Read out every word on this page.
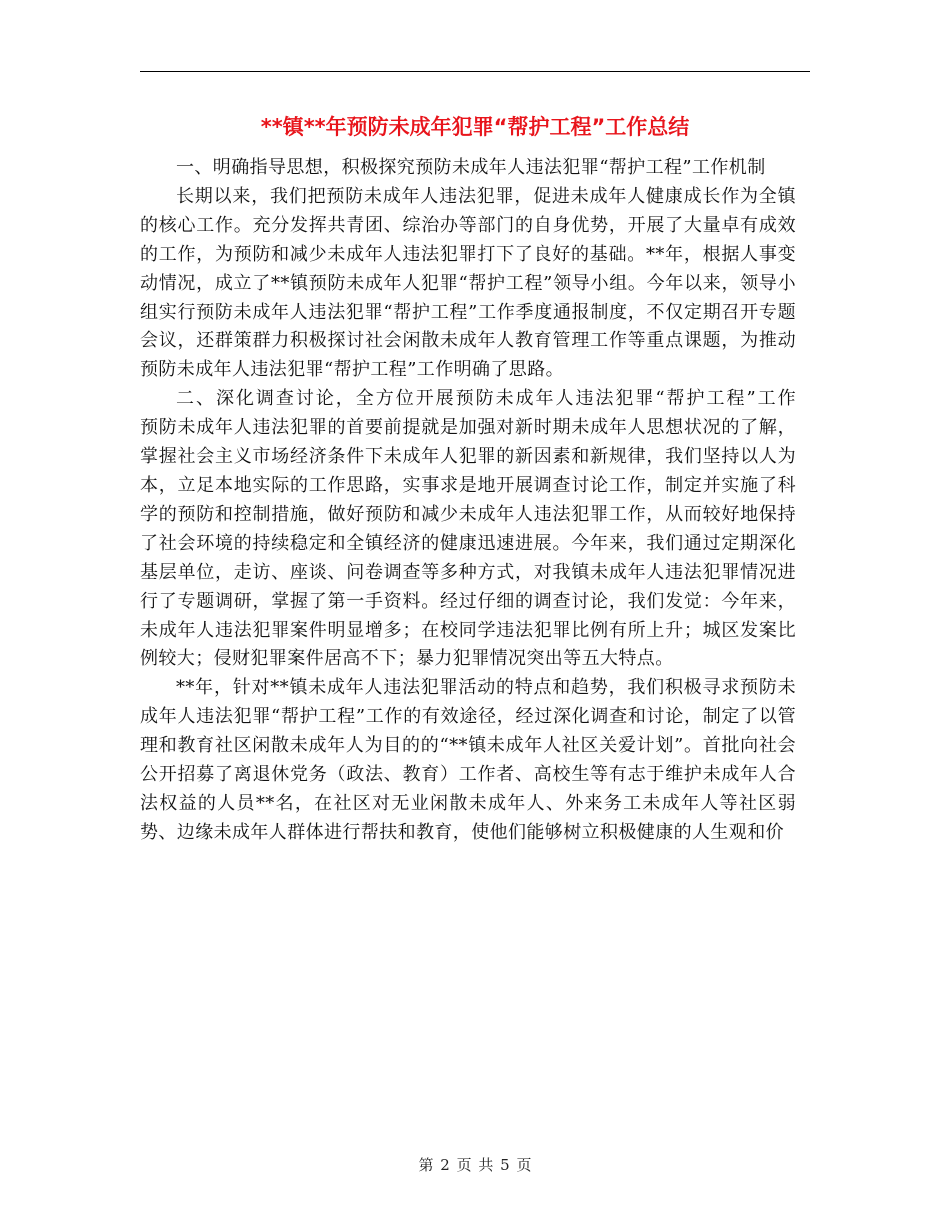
**镇**年预防未成年犯罪“帮护工程”工作总结

一、明确指导思想，积极探究预防未成年人违法犯罪“帮护工程”工作机制

长期以来，我们把预防未成年人违法犯罪，促进未成年人健康成长作为全镇的核心工作。充分发挥共青团、综治办等部门的自身优势，开展了大量卓有成效的工作，为预防和减少未成年人违法犯罪打下了良好的基础。**年，根据人事变动情况，成立了**镇预防未成年人犯罪“帮护工程”领导小组。今年以来，领导小组实行预防未成年人违法犯罪“帮护工程”工作季度通报制度，不仅定期召开专题会议，还群策群力积极探讨社会闲散未成年人教育管理工作等重点课题，为推动预防未成年人违法犯罪“帮护工程”工作明确了思路。

二、深化调查讨论，全方位开展预防未成年人违法犯罪“帮护工程”工作　　预防未成年人违法犯罪的首要前提就是加强对新时期未成年人思想状况的了解，掌握社会主义市场经济条件下未成年人犯罪的新因素和新规律，我们坚持以人为本，立足本地实际的工作思路，实事求是地开展调查讨论工作，制定并实施了科学的预防和控制措施，做好预防和减少未成年人违法犯罪工作，从而较好地保持了社会环境的持续稳定和全镇经济的健康迅速进展。今年来，我们通过定期深化基层单位，走访、座谈、问卷调查等多种方式，对我镇未成年人违法犯罪情况进行了专题调研，掌握了第一手资料。经过仔细的调查讨论，我们发觉：今年来，未成年人违法犯罪案件明显增多；在校同学违法犯罪比例有所上升；城区发案比例较大；侵财犯罪案件居高不下；暴力犯罪情况突出等五大特点。

**年，针对**镇未成年人违法犯罪活动的特点和趋势，我们积极寻求预防未成年人违法犯罪“帮护工程”工作的有效途径，经过深化调查和讨论，制定了以管理和教育社区闲散未成年人为目的的“**镇未成年人社区关爱计划”。首批向社会公开招募了离退休党务（政法、教育）工作者、高校生等有志于维护未成年人合法权益的人员**名，在社区对无业闲散未成年人、外来务工未成年人等社区弱势、边缘未成年人群体进行帮扶和教育，使他们能够树立积极健康的人生观和价

第 2 页 共 5 页
